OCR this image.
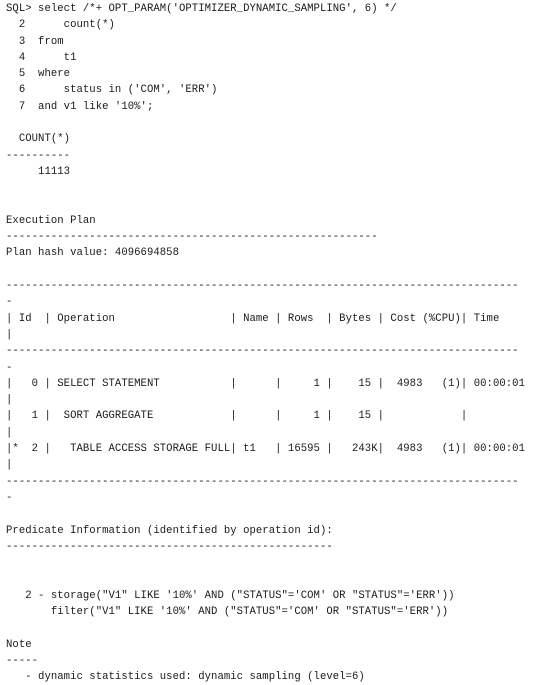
SQL> select /*+ OPT_PARAM('OPTIMIZER_DYNAMIC_SAMPLING', 6) */
2      count(*)
3  from
4      t1
5  where
6      status in ('COM', 'ERR')
7  and v1 like '10%';
COUNT(*)
----------
11113
Execution Plan
----------------------------------------------------------
Plan hash value: 4096694858
--------------------------------------------------------------------------------
-
| Id  | Operation                  | Name | Rows  | Bytes | Cost (%CPU)| Time
|
--------------------------------------------------------------------------------
-
|   0 | SELECT STATEMENT           |      |     1 |    15 |  4983   (1)| 00:00:01
|
|   1 |  SORT AGGREGATE            |      |     1 |    15 |            |
|
|*  2 |   TABLE ACCESS STORAGE FULL| t1   | 16595 |   243K|  4983   (1)| 00:00:01
|
--------------------------------------------------------------------------------
-
Predicate Information (identified by operation id):
---------------------------------------------------
2 - storage("V1" LIKE '10%' AND ("STATUS"='COM' OR "STATUS"='ERR'))
filter("V1" LIKE '10%' AND ("STATUS"='COM' OR "STATUS"='ERR'))
Note
-----
- dynamic statistics used: dynamic sampling (level=6)
